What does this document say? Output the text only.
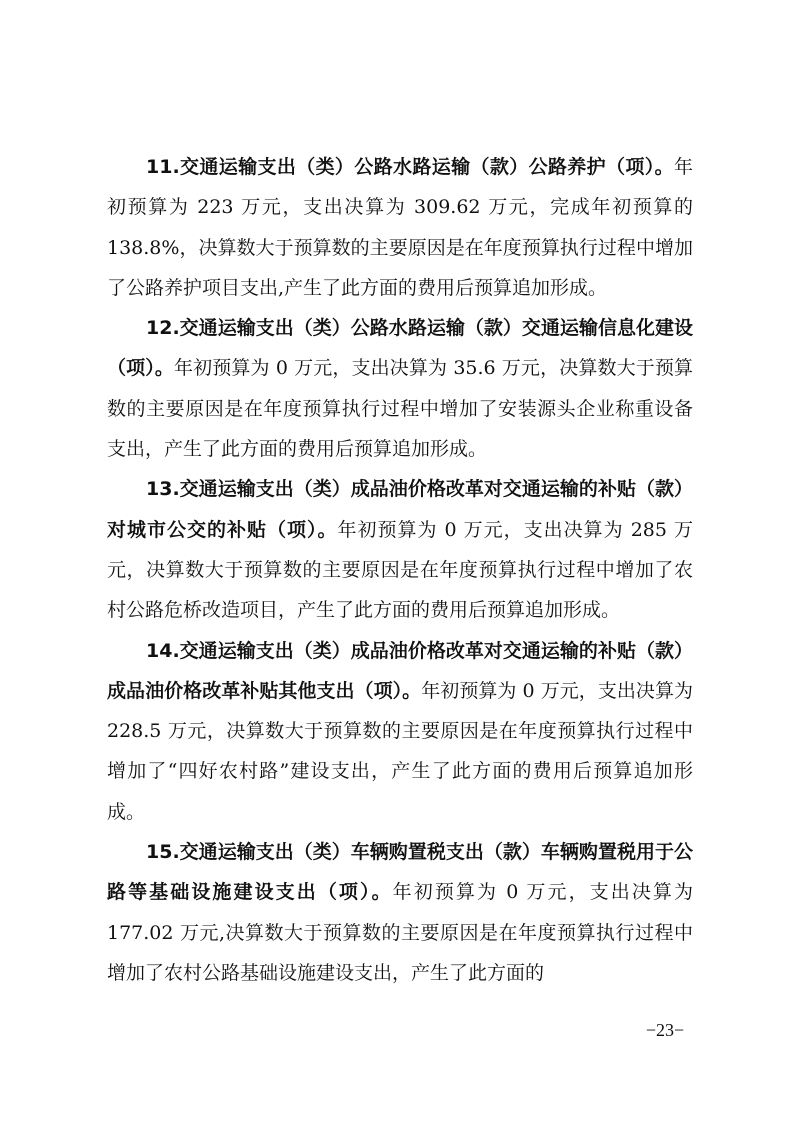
11.交通运输支出（类）公路水路运输（款）公路养护（项）。年初预算为 223 万元，支出决算为 309.62 万元，完成年初预算的 138.8%，决算数大于预算数的主要原因是在年度预算执行过程中增加了公路养护项目支出,产生了此方面的费用后预算追加形成。

12.交通运输支出（类）公路水路运输（款）交通运输信息化建设（项）。年初预算为 0 万元，支出决算为 35.6 万元，决算数大于预算数的主要原因是在年度预算执行过程中增加了安装源头企业称重设备支出，产生了此方面的费用后预算追加形成。

13.交通运输支出（类）成品油价格改革对交通运输的补贴（款）对城市公交的补贴（项）。年初预算为 0 万元，支出决算为 285 万元，决算数大于预算数的主要原因是在年度预算执行过程中增加了农村公路危桥改造项目，产生了此方面的费用后预算追加形成。

14.交通运输支出（类）成品油价格改革对交通运输的补贴（款）成品油价格改革补贴其他支出（项）。年初预算为 0 万元，支出决算为 228.5 万元，决算数大于预算数的主要原因是在年度预算执行过程中增加了“四好农村路”建设支出，产生了此方面的费用后预算追加形成。

15.交通运输支出（类）车辆购置税支出（款）车辆购置税用于公路等基础设施建设支出（项）。年初预算为 0 万元，支出决算为 177.02 万元,决算数大于预算数的主要原因是在年度预算执行过程中增加了农村公路基础设施建设支出，产生了此方面的

−23−
